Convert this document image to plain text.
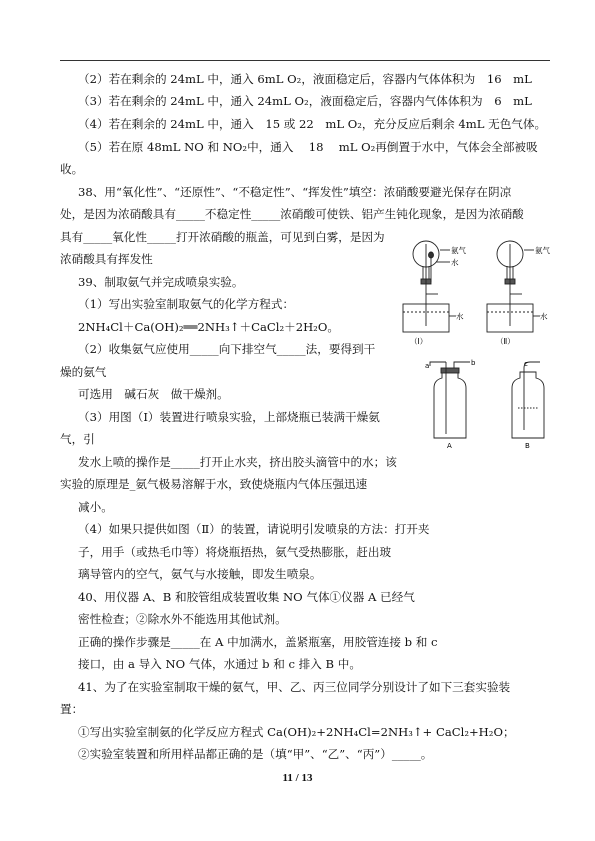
（2）若在剩余的 24mL 中，通入 6mL O₂，液面稳定后，容器内气体体积为　16　mL
（3）若在剩余的 24mL 中，通入 24mL O₂，液面稳定后，容器内气体体积为　6　mL
（4）若在剩余的 24mL 中，通入　15 或 22　mL O₂，充分反应后剩余 4mL 无色气体。
（5）若在原 48mL NO 和 NO₂中，通入　 18　 mL O₂再倒置于水中，气体会全部被吸
收。
38、用“氧化性”、“还原性”、“不稳定性”、“挥发性”填空：浓硝酸要避光保存在阴凉
处，是因为浓硝酸具有_____不稳定性_____浓硝酸可使铁、铝产生钝化现象，是因为浓硝酸
具有_____氧化性_____打开浓硝酸的瓶盖，可见到白雾，是因为
浓硝酸具有挥发性
39、制取氨气并完成喷泉实验。
（1）写出实验室制取氨气的化学方程式：
2NH₄Cl＋Ca(OH)₂══2NH₃↑＋CaCl₂＋2H₂O。
（2）收集氨气应使用_____向下排空气_____法，要得到干
燥的氨气
可选用　碱石灰　做干燥剂。
（3）用图（Ⅰ）装置进行喷泉实验，上部烧瓶已装满干燥氨
气，引
发水上喷的操作是_____打开止水夹，挤出胶头滴管中的水；该
实验的原理是_氨气极易溶解于水，致使烧瓶内气体压强迅速
减小。
（4）如果只提供如图（Ⅱ）的装置，请说明引发喷泉的方法：打开夹
子，用手（或热毛巾等）将烧瓶捂热，氨气受热膨胀，赶出玻
璃导管内的空气，氨气与水接触，即发生喷泉。
40、用仪器 A、B 和胶管组成装置收集 NO 气体①仪器 A 已经气
密性检查；②除水外不能选用其他试剂。
正确的操作步骤是_____在 A 中加满水，盖紧瓶塞，用胶管连接 b 和 c
接口，由 a 导入 NO 气体，水通过 b 和 c 排入 B 中。
41、为了在实验室制取干燥的氨气，甲、乙、丙三位同学分别设计了如下三套实验装
置：
①写出实验室制氨的化学反应方程式 Ca(OH)₂+2NH₄Cl=2NH₃↑+ CaCl₂+H₂O；
②实验室装置和所用样品都正确的是（填“甲”、“乙”、“丙”）_____。
氨气
水
水
（Ⅰ）
氨气
水
（Ⅱ）
a	b
A
c
B
11 / 13
